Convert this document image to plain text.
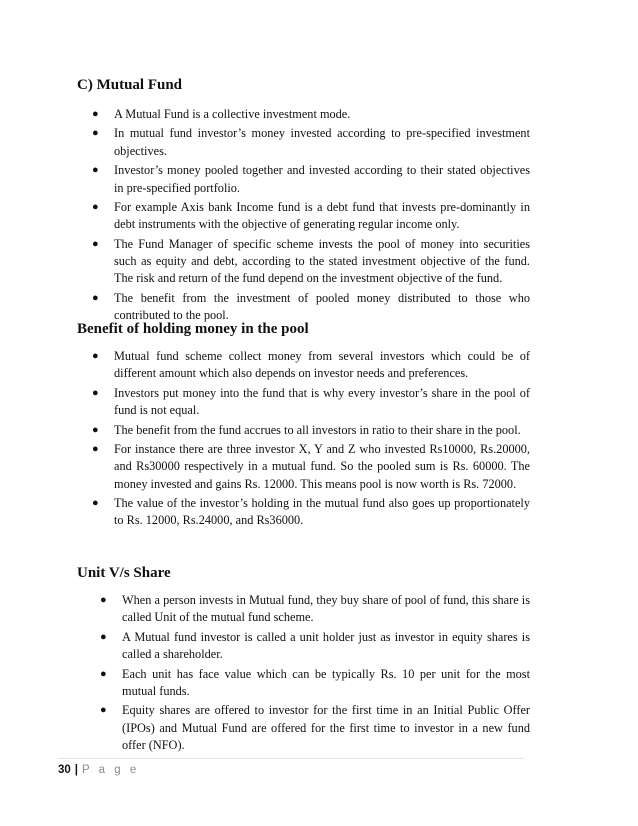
C) Mutual Fund
● A Mutual Fund is a collective investment mode.
● In mutual fund investor’s money invested according to pre-specified investment objectives.
● Investor’s money pooled together and invested according to their stated objectives in pre-specified portfolio.
● For example Axis bank Income fund is a debt fund that invests pre-dominantly in debt instruments with the objective of generating regular income only.
● The Fund Manager of specific scheme invests the pool of money into securities such as equity and debt, according to the stated investment objective of the fund. The risk and return of the fund depend on the investment objective of the fund.
● The benefit from the investment of pooled money distributed to those who contributed to the pool.
Benefit of holding money in the pool
● Mutual fund scheme collect money from several investors which could be of different amount which also depends on investor needs and preferences.
● Investors put money into the fund that is why every investor’s share in the pool of fund is not equal.
● The benefit from the fund accrues to all investors in ratio to their share in the pool.
● For instance there are three investor X, Y and Z who invested Rs10000, Rs.20000, and Rs30000 respectively in a mutual fund. So the pooled sum is Rs. 60000. The money invested and gains Rs. 12000. This means pool is now worth is Rs. 72000.
● The value of the investor’s holding in the mutual fund also goes up proportionately to Rs. 12000, Rs.24000, and Rs36000.
Unit V/s Share
● When a person invests in Mutual fund, they buy share of pool of fund, this share is called Unit of the mutual fund scheme.
● A Mutual fund investor is called a unit holder just as investor in equity shares is called a shareholder.
● Each unit has face value which can be typically Rs. 10 per unit for the most mutual funds.
● Equity shares are offered to investor for the first time in an Initial Public Offer (IPOs) and Mutual Fund are offered for the first time to investor in a new fund offer (NFO).
30 | P a g e
